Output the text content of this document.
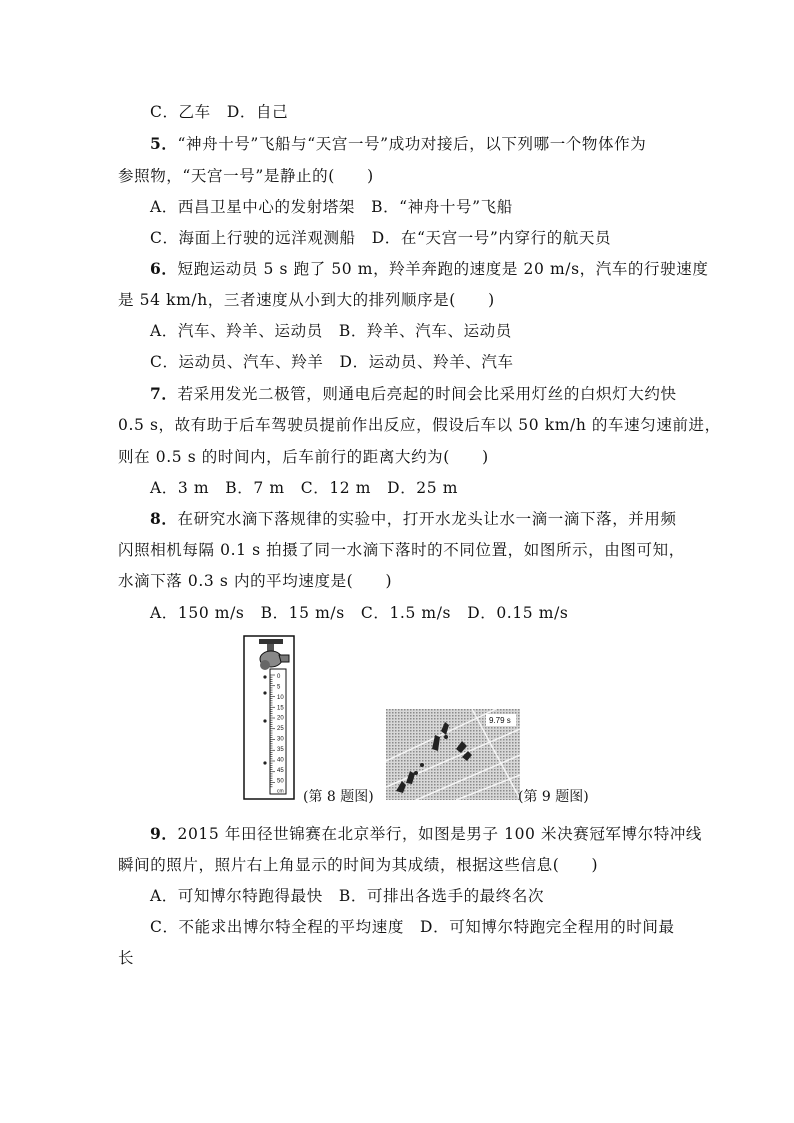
C．乙车　D．自己
5．“神舟十号”飞船与“天宫一号”成功对接后，以下列哪一个物体作为
参照物，“天宫一号”是静止的(　　)
A．西昌卫星中心的发射塔架　B．“神舟十号”飞船
C．海面上行驶的远洋观测船　D．在“天宫一号”内穿行的航天员
6．短跑运动员 5 s 跑了 50 m，羚羊奔跑的速度是 20 m/s，汽车的行驶速度
是 54 km/h，三者速度从小到大的排列顺序是(　　)
A．汽车、羚羊、运动员　B．羚羊、汽车、运动员
C．运动员、汽车、羚羊　D．运动员、羚羊、汽车
7．若采用发光二极管，则通电后亮起的时间会比采用灯丝的白炽灯大约快
0.5 s，故有助于后车驾驶员提前作出反应，假设后车以 50 km/h 的车速匀速前进，
则在 0.5 s 的时间内，后车前行的距离大约为(　　)
A．3 m　B．7 m　C．12 m　D．25 m
8．在研究水滴下落规律的实验中，打开水龙头让水一滴一滴下落，并用频
闪照相机每隔 0.1 s 拍摄了同一水滴下落时的不同位置，如图所示，由图可知，
水滴下落 0.3 s 内的平均速度是(　　)
A．150 m/s　B．15 m/s　C．1.5 m/s　D．0.15 m/s
0
5
10
15
20
25
30
35
40
45
50
cm (第 8 题图)
9.79 s
(第 9 题图)
9．2015 年田径世锦赛在北京举行，如图是男子 100 米决赛冠军博尔特冲线
瞬间的照片，照片右上角显示的时间为其成绩，根据这些信息(　　)
A．可知博尔特跑得最快　B．可排出各选手的最终名次
C．不能求出博尔特全程的平均速度　D．可知博尔特跑完全程用的时间最
长
